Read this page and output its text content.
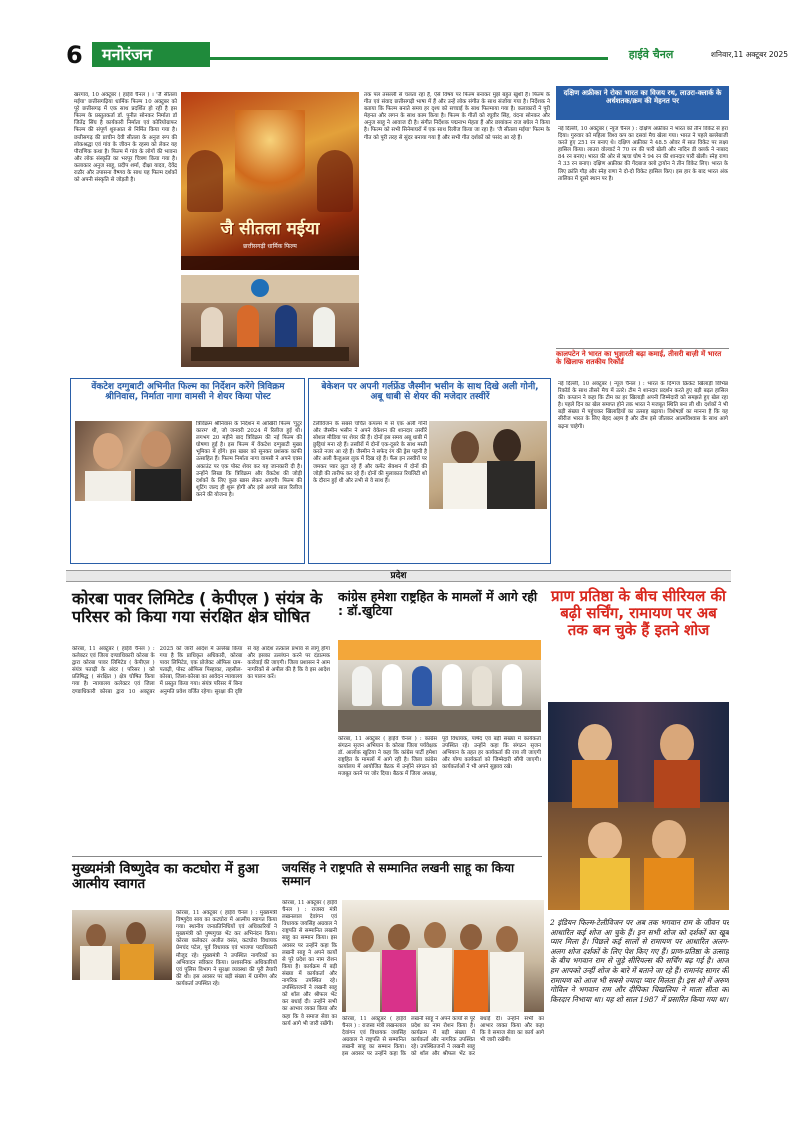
6	मनोरंजन	हाईवे चैनल	शनिवार,11 अक्टूबर 2025
खरगांव, 10 अक्टूबर ( हाईवे चैनल ) । 'जै सीतला मईया' छत्तीसगढ़िया धार्मिक फिल्म 10 अक्टूबर को पूरे छत्तीसगढ़ में एक साथ प्रदर्शित हो रही है इस फिल्म के प्रस्तुतकर्ता डॉ. पुनीत सोनकर निर्माता डॉ जितेंद्र सिंघ है कार्यकारी निर्माता एवं कोरियोग्राफर फिल्म की संपूर्ण शुरुआत से निर्मित किया गया है। छत्तीसगढ़ की प्राचीन देवी सीतला के अनुज रूप की लोकश्रद्धा एवं गांव के जीवन के रहस्य को लेकर यह पौराणिक कथा है। फिल्म में गांव के लोगों की भावना और लोक संस्कृति का भरपूर चित्रण किया गया है। कलाकार अनुज साहू, प्रदीप शर्मा, दीक्षा यादव, देवेंद्र राठौर और उपासना वैष्णव के साथ यह फिल्म दर्शकों को अपनी संस्कृति से जोड़ती है।
जै सीतला मईया
छत्तीसगढ़ी धार्मिक फिल्म
तक पल तसल्ली से चलता रहा है, ऐसे विषय पर फिल्म बनाकर मुझे बहुत खुशी है। फिल्म के गीत एवं संवाद छत्तीसगढ़ी भाषा में हैं और उन्हें लोक संगीत के साथ संजोया गया है। निर्देशक ने बताया कि फिल्म बनाते समय हर दृश्य को सच्चाई के साथ फिल्माया गया है। कलाकारों ने पूरी मेहनत और लगन के साथ काम किया है। फिल्म के गीतों को रघुवीर सिंह, वंदना सोनकर और अनुज साहू ने आवाज दी है। संगीत निर्देशक पद्मनाभ मेहता हैं और छायांकन राज बघेल ने किया है। फिल्म को सभी सिनेमाघरों में एक साथ रिलीज किया जा रहा है। 'जै सीतला मईया' फिल्म के गीत को पूरी तरह से सुंदर बनाया गया है और सभी गीत दर्शकों को पसंद आ रहे हैं।
दक्षिण अफ्रीका ने रोका भारत का विजय रथ, लाउरा-क्लार्क के अर्धशतक/क्रम की मेहनत पर
नई दिल्ली, 10 अक्टूबर ( न्यूज चैनल ) : दक्षिण अफ्रीका ने भारत को तीन विकेट से हरा दिया। गुरुवार को महिला विश्व कप का दसवां मैच खेला गया। भारत ने पहले बल्लेबाजी करते हुए 251 रन बनाए थे। दक्षिण अफ्रीका ने 48.5 ओवर में सात विकेट पर लक्ष्य हासिल किया। लाउरा वोल्वार्ट ने 70 रन की पारी खेली और नादिन डी क्लर्क ने नाबाद 84 रन बनाए। भारत की ओर से ऋचा घोष ने 94 रन की शानदार पारी खेली। स्नेह राणा ने 33 रन बनाए। दक्षिण अफ्रीका की गेंदबाज क्लो ट्रायोन ने तीन विकेट लिए। भारत के लिए क्रांति गौड़ और स्नेह राणा ने दो-दो विकेट हासिल किए। इस हार के बाद भारत अंक तालिका में दूसरे स्थान पर है।
कालपटेन ने भारत का भुज्ञारती बढ़ा कमाई, तीसरी बाज़ी में भारत के खिलाफ शतकीय रिकॉर्ड
नई दिल्ली, 10 अक्टूबर ( न्यूज चैनल ) : भारत के दिग्गज क्रिकेट खिलाड़ी विभिन्न रिकॉर्ड के साथ तीसरे मैच में उतरे। टीम ने शानदार प्रदर्शन करते हुए बड़ी बढ़त हासिल की। कप्तान ने कहा कि टीम का हर खिलाड़ी अपनी जिम्मेदारी को समझते हुए खेल रहा है। पहले दिन का खेल समाप्त होने तक भारत ने मजबूत स्थिति बना ली थी। दर्शकों ने भी बड़ी संख्या में पहुंचकर खिलाड़ियों का उत्साह बढ़ाया। विशेषज्ञों का मानना है कि यह सीरीज भारत के लिए बेहद अहम है और टीम इसे जीतकर आत्मविश्वास के साथ आगे बढ़ना चाहेगी।
वेंकटेश दग्गुबाटी अभिनीत फिल्म का निर्देशन करेंगे त्रिविक्रम श्रीनिवास, निर्माता नागा वामसी ने शेयर किया पोस्ट
त्रिविक्रम श्रीनिवास के निर्देशन में आखिरी फिल्म 'गुंटूर कारम' थी, जो जनवरी 2024 में रिलीज हुई थी। लगभग 20 महीने बाद त्रिविक्रम की नई फिल्म की घोषणा हुई है। इस फिल्म में वेंकटेश दग्गुबाटी मुख्य भूमिका में होंगे। इस खबर को सुनकर प्रशंसक काफी उत्साहित हैं। फिल्म निर्माता नागा वामसी ने अपने एक्स अकाउंट पर एक पोस्ट शेयर कर यह जानकारी दी है। उन्होंने लिखा कि त्रिविक्रम और वेंकटेश की जोड़ी दर्शकों के लिए कुछ खास लेकर आएगी। फिल्म की शूटिंग जल्द ही शुरू होगी और इसे अगले साल रिलीज करने की योजना है।
बेकेशन पर अपनी गर्लफ्रेंड जैस्मीन भसीन के साथ दिखे अली गोनी, अबू धाबी से शेयर की मजेदार तस्वीरें
टेलीविजन के सबसे चर्चित कपल्स में से एक अली गोनी और जैस्मीन भसीन ने अपने वेकेशन की शानदार तस्वीरें सोशल मीडिया पर शेयर की हैं। दोनों इस समय अबू धाबी में छुट्टियां मना रहे हैं। तस्वीरों में दोनों एक-दूसरे के साथ मस्ती करते नजर आ रहे हैं। जैस्मीन ने सफेद रंग की ड्रेस पहनी है और अली कैजुअल लुक में दिख रहे हैं। फैंस इन तस्वीरों पर जमकर प्यार लुटा रहे हैं और कमेंट सेक्शन में दोनों की जोड़ी की तारीफ कर रहे हैं। दोनों की मुलाकात रियलिटी शो के दौरान हुई थी और तभी से वे साथ हैं।
प्रदेश
कोरबा पावर लिमिटेड ( केपीएल ) संयंत्र के परिसर को किया गया संरक्षित क्षेत्र घोषित
कोरबा, 11 अक्टूबर ( हाईवे चैनल ) : कलेक्टर एवं जिला दण्डाधिकारी कोरबा के द्वारा कोरबा पावर लिमिटेड ( केपीएल ) संयंत्र पताढ़ी के अंदर ( परिसर ) को प्रतिषिद्ध ( संरक्षित ) क्षेत्र घोषित किया गया है। न्यायालय कलेक्टर एवं जिला दण्डाधिकारी कोरबा द्वारा 10 अक्टूबर 2025 को जारी आदेश में उल्लेख किया गया है कि प्राधिकृत अधिकारी, कोरबा पावर लिमिटेड, एक प्रोजेक्ट ऑफिस ग्राम-पताढ़ी, पोस्ट ऑफिस पिस्हाका, तहसील-कोरबा, जिला-कोरबा का आवेदन न्यायालय में प्रस्तुत किया गया। संयंत्र परिसर में बिना अनुमति प्रवेश वर्जित रहेगा। सुरक्षा की दृष्टि से यह आदेश तत्काल प्रभाव से लागू होगा और इसका उल्लंघन करने पर दंडात्मक कार्रवाई की जाएगी। जिला प्रशासन ने आम नागरिकों से अपील की है कि वे इस आदेश का पालन करें।
कांग्रेस हमेशा राष्ट्रहित के मामलों में आगे रही : डॉ.खुटिया
कोरबा, 11 अक्टूबर ( हाईवे चैनल ) : कांग्रेस संगठन सृजन अभियान के कोरबा जिला पर्यवेक्षक डॉ. आलोक खुटिया ने कहा कि कांग्रेस पार्टी हमेशा राष्ट्रहित के मामलों में आगे रही है। जिला कांग्रेस कार्यालय में आयोजित बैठक में उन्होंने संगठन को मजबूत करने पर जोर दिया। बैठक में जिला अध्यक्ष, पूर्व विधायक, पार्षद एवं बड़ी संख्या में कार्यकर्ता उपस्थित रहे। उन्होंने कहा कि संगठन सृजन अभियान के तहत हर कार्यकर्ता की राय ली जाएगी और योग्य कार्यकर्ता को जिम्मेदारी सौंपी जाएगी। कार्यकर्ताओं ने भी अपने सुझाव रखे।
प्राण प्रतिष्ठा के बीच सीरियल की बढ़ी सर्चिंग, रामायण पर अब तक बन चुके हैं इतने शोज
2 इंडियन फिल्म-टेलीविजन पर अब तक भगवान राम के जीवन पर आधारित कई शोज आ चुके हैं। इन सभी शोज को दर्शकों का खूब प्यार मिला है। पिछले कई सालों से रामायण पर आधारित अलग-अलग शोज दर्शकों के लिए पेश किए गए हैं। प्राण-प्रतिष्ठा के उत्साह के बीच भगवान राम से जुड़े सीरियल्स की सर्चिंग बढ़ गई है। आज हम आपको उन्हीं शोज के बारे में बताने जा रहे हैं। रामानंद सागर की रामायण को आज भी सबसे ज्यादा प्यार मिलता है। इस शो में अरुण गोविल ने भगवान राम और दीपिका चिखलिया ने माता सीता का किरदार निभाया था। यह शो साल 1987 में प्रसारित किया गया था।
मुख्यमंत्री विष्णुदेव का कटघोरा में हुआ आत्मीय स्वागत
कोरबा, 11 अक्टूबर ( हाईवे चैनल ) : मुख्यमंत्री विष्णुदेव साय का कटघोरा में आत्मीय स्वागत किया गया। स्थानीय जनप्रतिनिधियों एवं अधिकारियों ने मुख्यमंत्री को पुष्पगुच्छ भेंट कर अभिनंदन किया। कोरबा कलेक्टर अजीत वसंत, कटघोरा विधायक प्रेमचंद पटेल, पूर्व विधायक एवं भाजपा पदाधिकारी मौजूद रहे। मुख्यमंत्री ने उपस्थित नागरिकों का अभिवादन स्वीकार किया। प्रशासनिक अधिकारियों एवं पुलिस विभाग ने सुरक्षा व्यवस्था की पूरी तैयारी की थी। इस अवसर पर बड़ी संख्या में ग्रामीण और कार्यकर्ता उपस्थित रहे।
जयसिंह ने राष्ट्रपति से सम्मानित लखनी साहू का किया सम्मान
कोरबा, 11 अक्टूबर ( हाईवे चैनल ) : राजस्व मंत्री लखनलाल देवांगन एवं विधायक जयसिंह अग्रवाल ने राष्ट्रपति से सम्मानित लखनी साहू का सम्मान किया। इस अवसर पर उन्होंने कहा कि लखनी साहू ने अपने कार्यों से पूरे प्रदेश का नाम रोशन किया है। कार्यक्रम में बड़ी संख्या में कार्यकर्ता और नागरिक उपस्थित रहे। उपस्थितजनों ने लखनी साहू को शॉल और श्रीफल भेंट कर बधाई दी। उन्होंने सभी का आभार व्यक्त किया और कहा कि वे समाज सेवा का कार्य आगे भी जारी रखेंगी।
कोरबा, 11 अक्टूबर ( हाईवे चैनल ) : राजस्व मंत्री लखनलाल देवांगन एवं विधायक जयसिंह अग्रवाल ने राष्ट्रपति से सम्मानित लखनी साहू का सम्मान किया। इस अवसर पर उन्होंने कहा कि लखनी साहू ने अपने कार्यों से पूरे प्रदेश का नाम रोशन किया है। कार्यक्रम में बड़ी संख्या में कार्यकर्ता और नागरिक उपस्थित रहे। उपस्थितजनों ने लखनी साहू को शॉल और श्रीफल भेंट कर बधाई दी। उन्होंने सभी का आभार व्यक्त किया और कहा कि वे समाज सेवा का कार्य आगे भी जारी रखेंगी।
